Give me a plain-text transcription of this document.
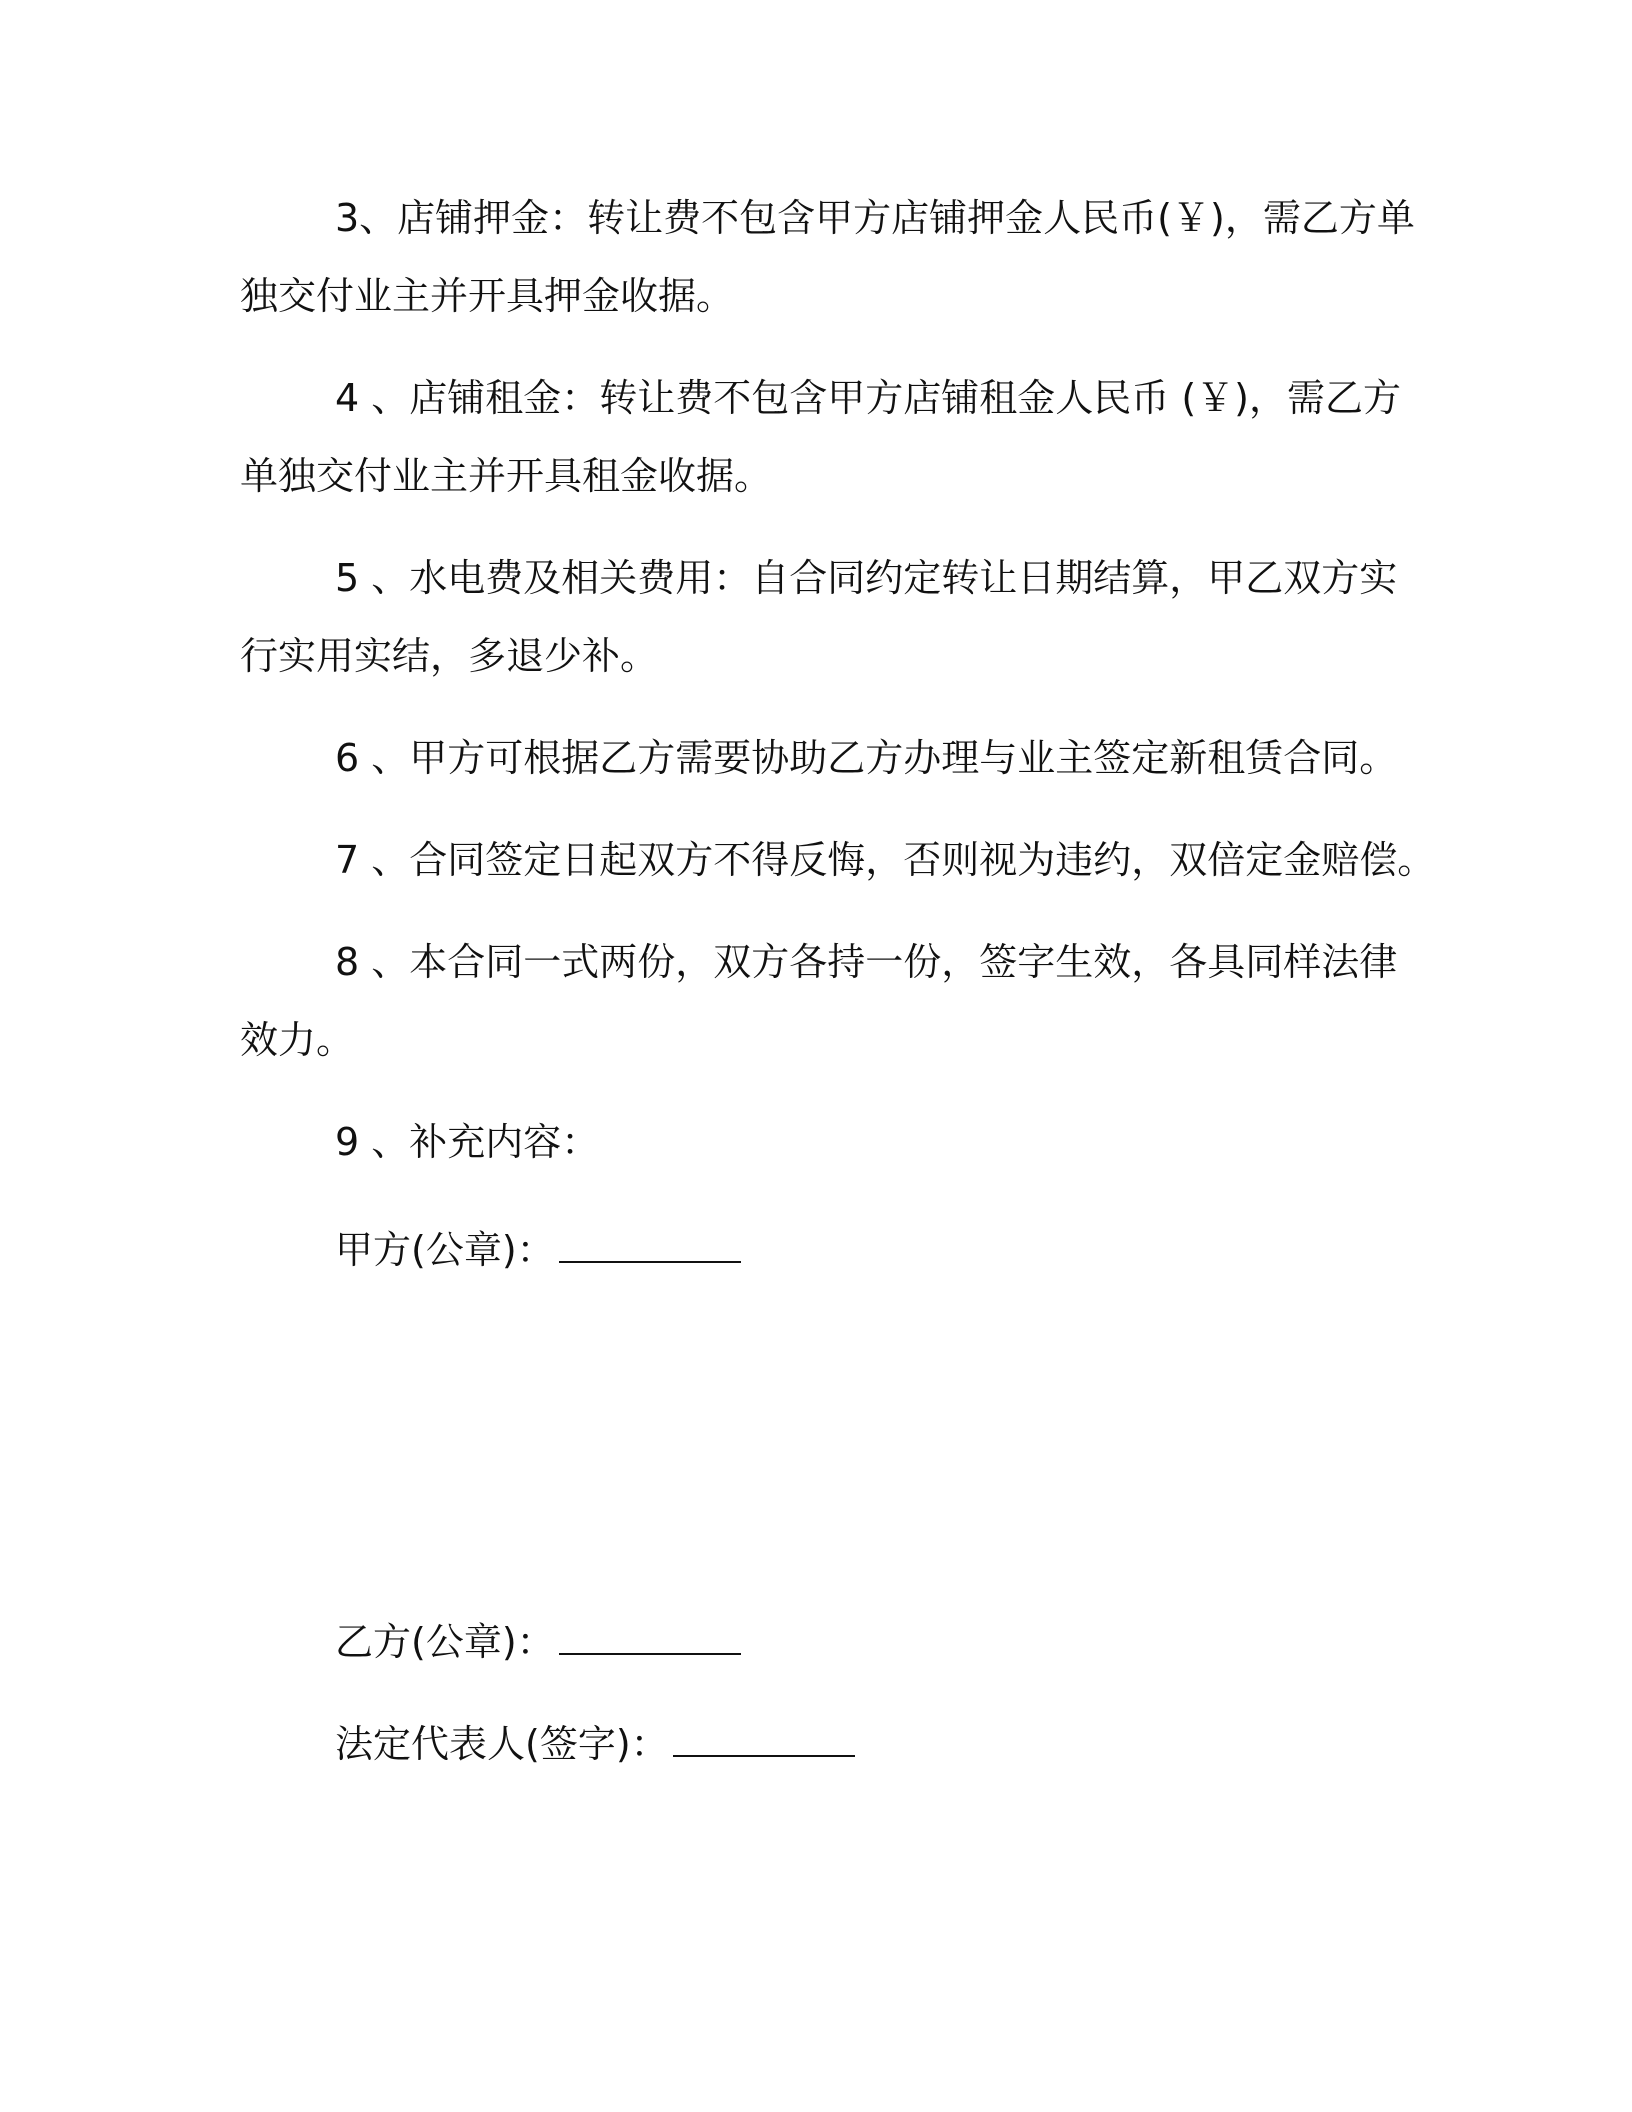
3、店铺押金：转让费不包含甲方店铺押金人民币(￥)，需乙方单
独交付业主并开具押金收据。
4 、店铺租金：转让费不包含甲方店铺租金人民币 (￥)，需乙方
单独交付业主并开具租金收据。
5 、水电费及相关费用：自合同约定转让日期结算，甲乙双方实
行实用实结，多退少补。
6 、甲方可根据乙方需要协助乙方办理与业主签定新租赁合同。
7 、合同签定日起双方不得反悔，否则视为违约，双倍定金赔偿。
8 、本合同一式两份，双方各持一份，签字生效，各具同样法律
效力。
9 、补充内容：
甲方(公章)：
乙方(公章)：
法定代表人(签字)：
